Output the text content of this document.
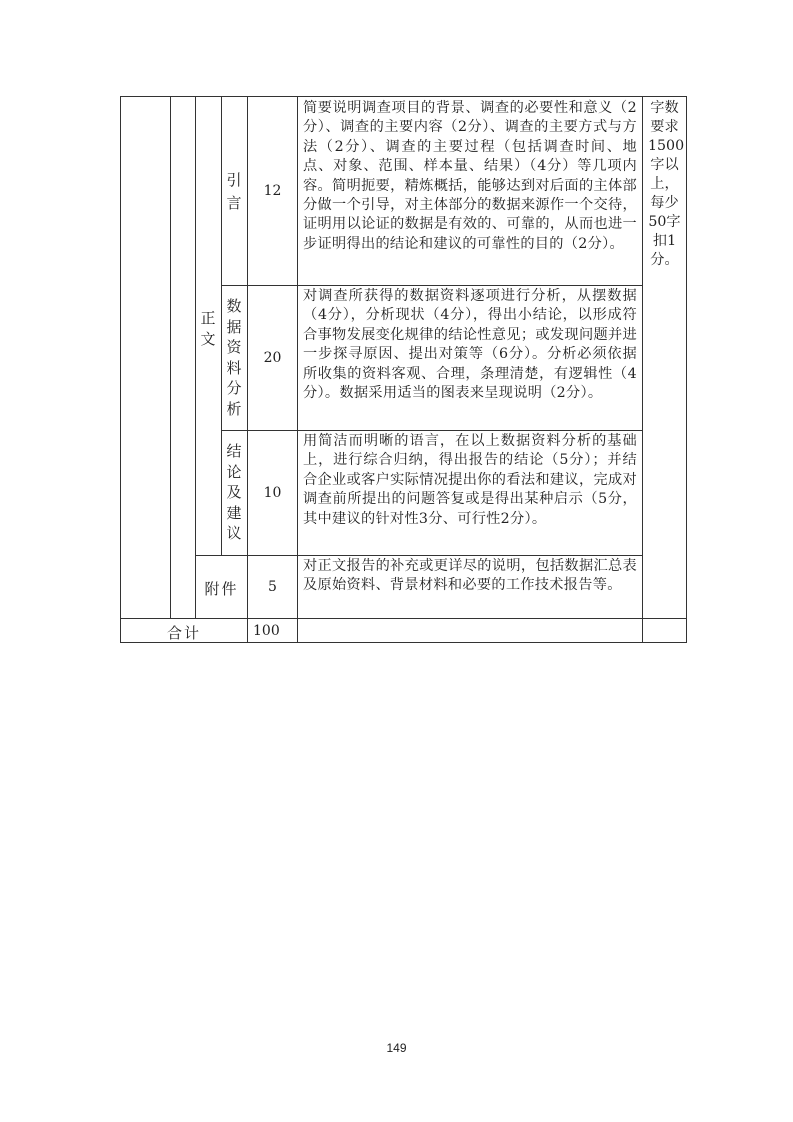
引
言
12
简要说明调查项目的背景、调查的必要性和意义（2分）、调查的主要内容（2分）、调查的主要方式与方法（2分）、调查的主要过程（包括调查时间、地点、对象、范围、样本量、结果）（4分）等几项内容。简明扼要，精炼概括，能够达到对后面的主体部分做一个引导，对主体部分的数据来源作一个交待，证明用以论证的数据是有效的、可靠的，从而也进一步证明得出的结论和建议的可靠性的目的（2分）。
数
据
资
料
分
析
20
对调查所获得的数据资料逐项进行分析，从摆数据（4分），分析现状（4分），得出小结论，以形成符合事物发展变化规律的结论性意见；或发现问题并进一步探寻原因、提出对策等（6分）。分析必须依据所收集的资料客观、合理，条理清楚，有逻辑性（4分）。数据采用适当的图表来呈现说明（2分）。
正
文
结
论
及
建
议
10
用简洁而明晰的语言，在以上数据资料分析的基础上，进行综合归纳，得出报告的结论（5分）；并结合企业或客户实际情况提出你的看法和建议，完成对调查前所提出的问题答复或是得出某种启示（5分，其中建议的针对性3分、可行性2分）。
附件	5
对正文报告的补充或更详尽的说明，包括数据汇总表及原始资料、背景材料和必要的工作技术报告等。
字数要求1500字以上，每少50字扣1分。
合计	100
149
